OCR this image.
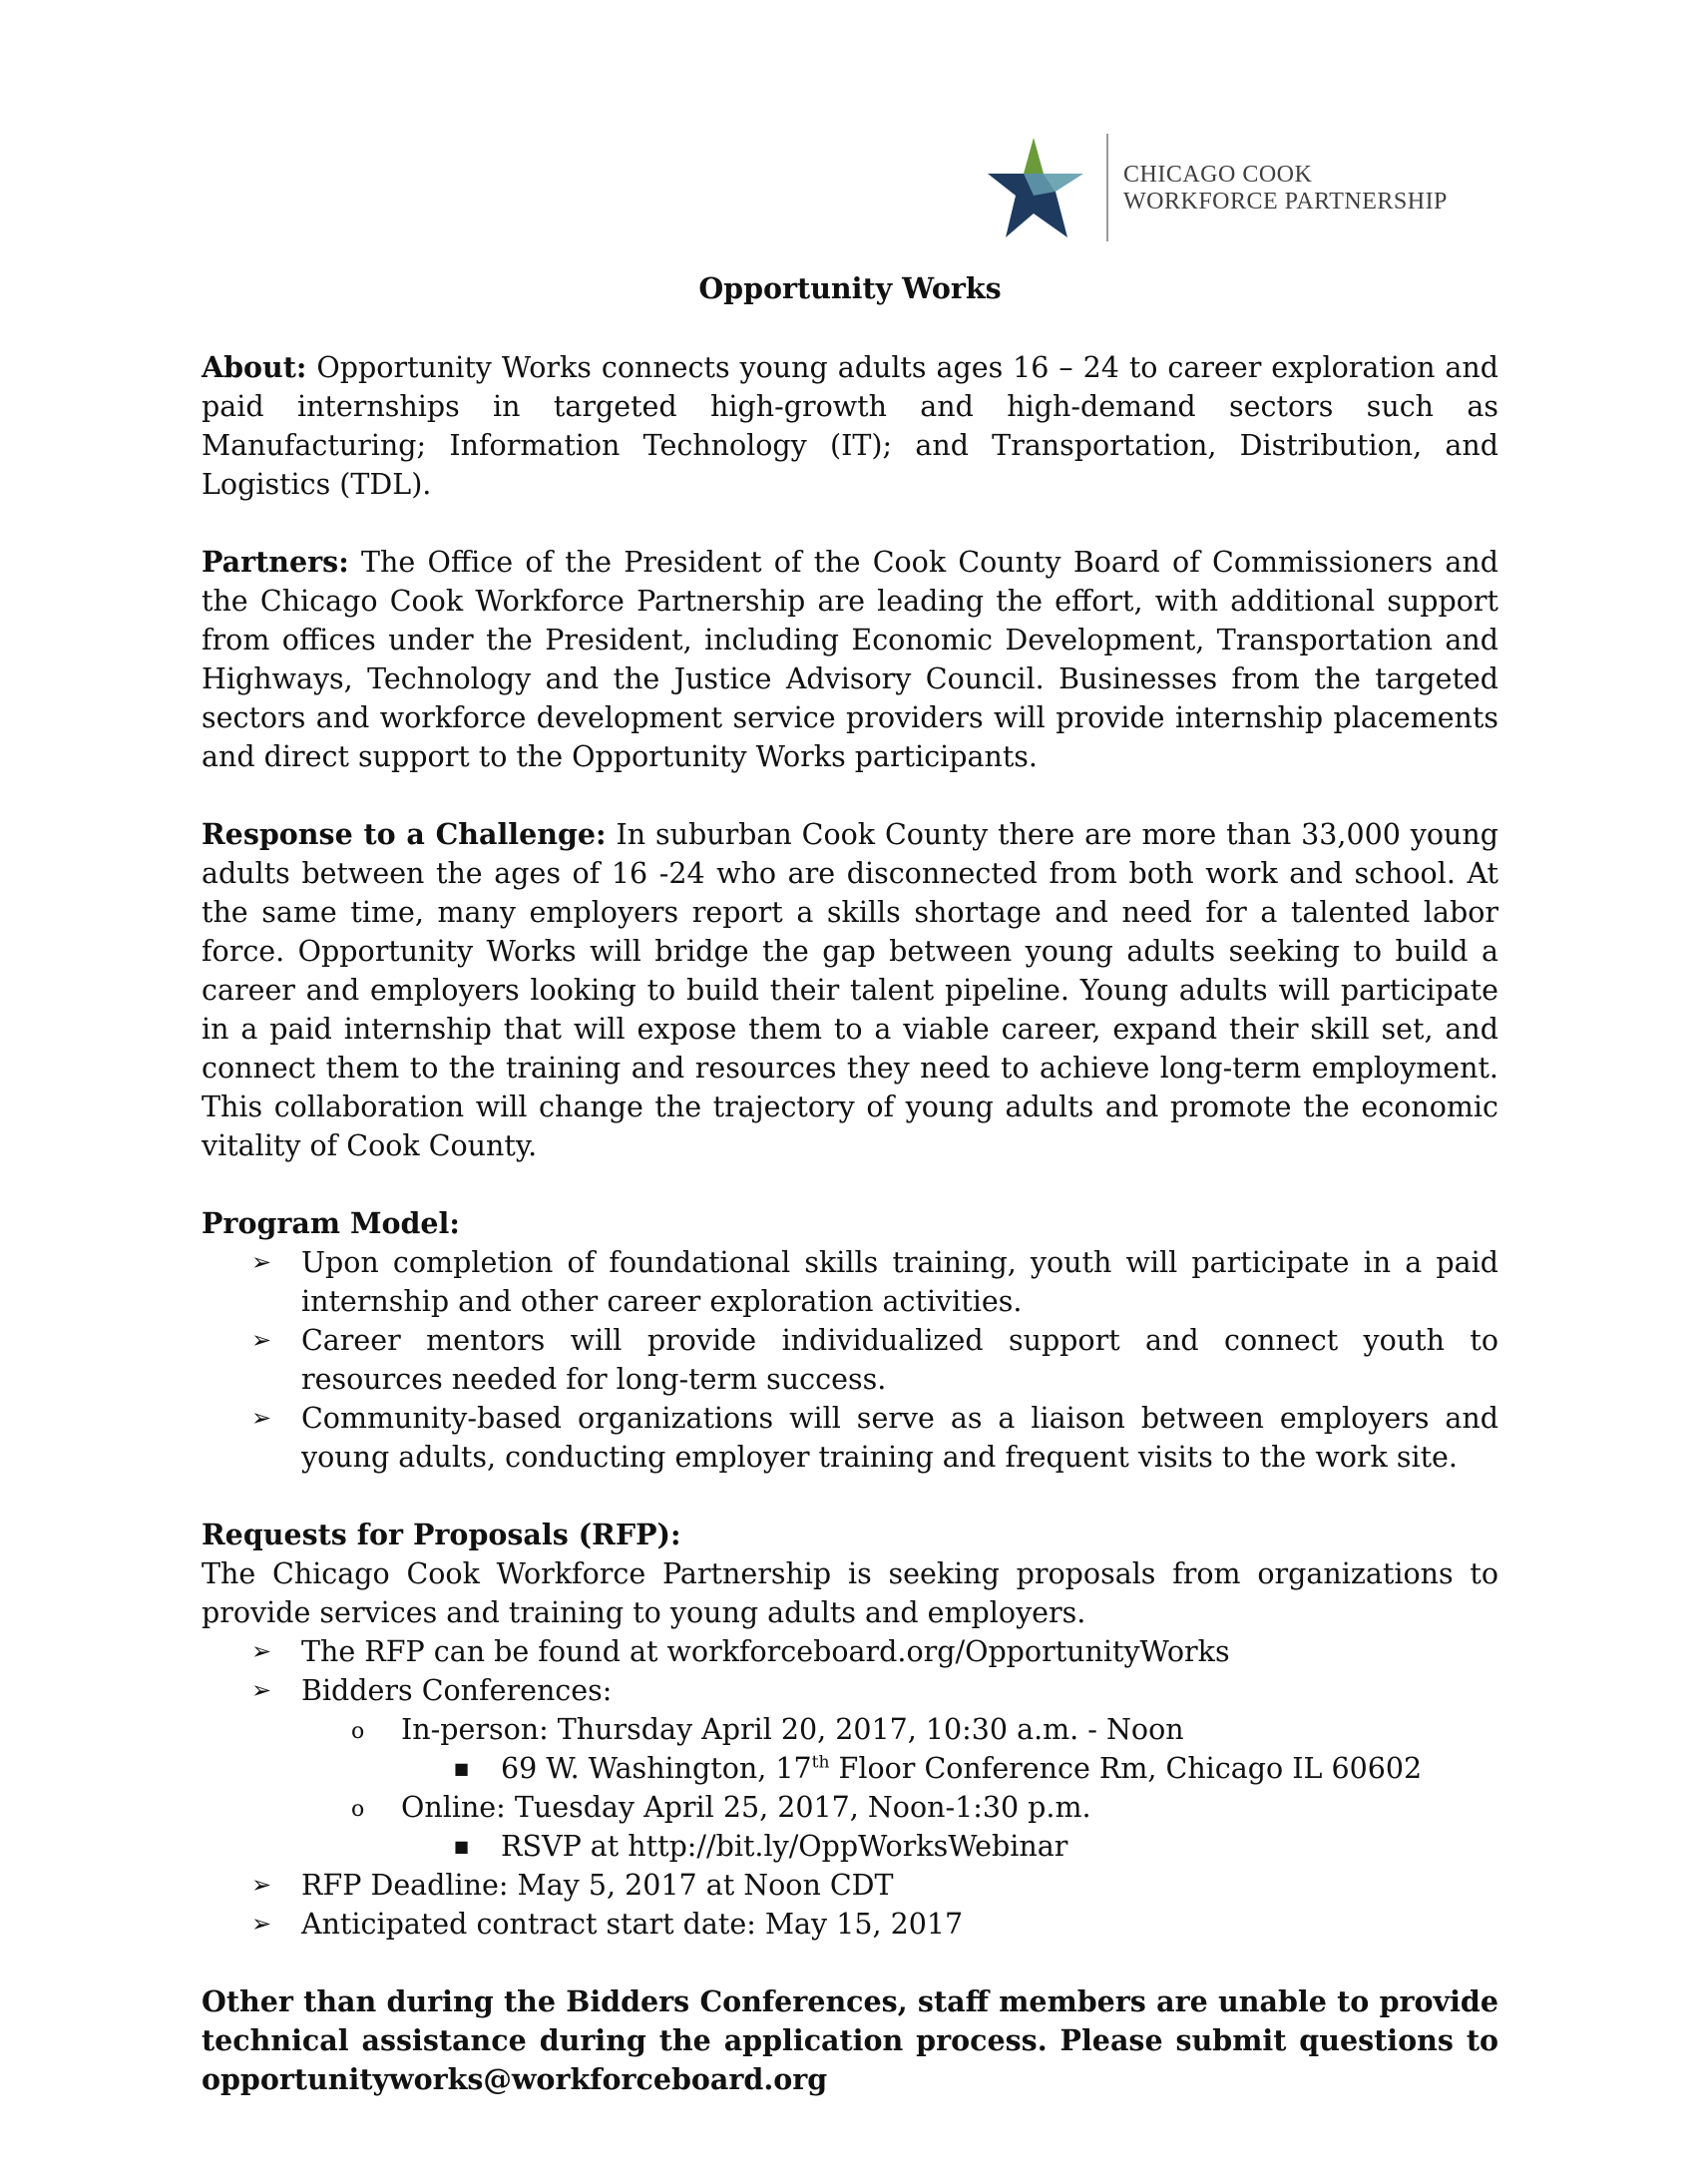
CHICAGO COOK
WORKFORCE PARTNERSHIP
Opportunity Works

About: Opportunity Works connects young adults ages 16 – 24 to career exploration and paid internships in targeted high-growth and high-demand sectors such as Manufacturing; Information Technology (IT); and Transportation, Distribution, and Logistics (TDL).

Partners: The Office of the President of the Cook County Board of Commissioners and the Chicago Cook Workforce Partnership are leading the effort, with additional support from offices under the President, including Economic Development, Transportation and Highways, Technology and the Justice Advisory Council. Businesses from the targeted sectors and workforce development service providers will provide internship placements and direct support to the Opportunity Works participants.

Response to a Challenge: In suburban Cook County there are more than 33,000 young adults between the ages of 16 -24 who are disconnected from both work and school. At the same time, many employers report a skills shortage and need for a talented labor force. Opportunity Works will bridge the gap between young adults seeking to build a career and employers looking to build their talent pipeline. Young adults will participate in a paid internship that will expose them to a viable career, expand their skill set, and connect them to the training and resources they need to achieve long-term employment. This collaboration will change the trajectory of young adults and promote the economic vitality of Cook County.

Program Model:

➢ Upon completion of foundational skills training, youth will participate in a paid internship and other career exploration activities.
➢ Career mentors will provide individualized support and connect youth to resources needed for long-term success.
➢ Community-based organizations will serve as a liaison between employers and young adults, conducting employer training and frequent visits to the work site.

Requests for Proposals (RFP):

The Chicago Cook Workforce Partnership is seeking proposals from organizations to provide services and training to young adults and employers.

➢ The RFP can be found at workforceboard.org/OpportunityWorks
➢ Bidders Conferences:
o In-person: Thursday April 20, 2017, 10:30 a.m. - Noon
■ 69 W. Washington, 17th Floor Conference Rm, Chicago IL 60602
o Online: Tuesday April 25, 2017, Noon-1:30 p.m.
■ RSVP at http://bit.ly/OppWorksWebinar
➢ RFP Deadline: May 5, 2017 at Noon CDT
➢ Anticipated contract start date: May 15, 2017

Other than during the Bidders Conferences, staff members are unable to provide technical assistance during the application process. Please submit questions to opportunityworks@workforceboard.org
